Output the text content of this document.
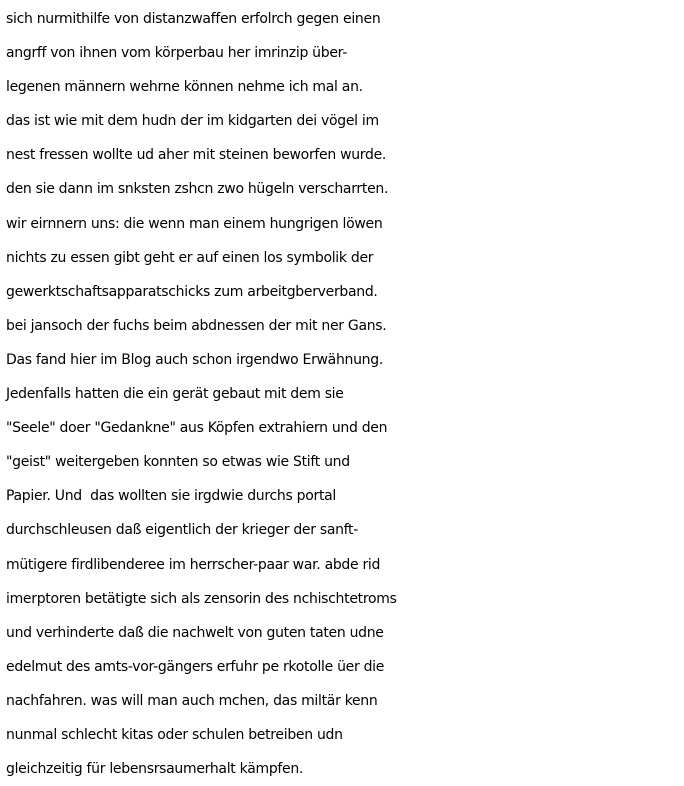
sich nurmithilfe von distanzwaffen erfolrch gegen einen
angrff von ihnen vom körperbau her imrinzip über-
legenen männern wehrne können nehme ich mal an.
das ist wie mit dem hudn der im kidgarten dei vögel im
nest fressen wollte ud aher mit steinen beworfen wurde.
den sie dann im snksten zshcn zwo hügeln verscharrten.
wir eirnnern uns: die wenn man einem hungrigen löwen
nichts zu essen gibt geht er auf einen los symbolik der
gewerktschaftsapparatschicks zum arbeitgberverband.
bei jansoch der fuchs beim abdnessen der mit ner Gans.
Das fand hier im Blog auch schon irgendwo Erwähnung.
Jedenfalls hatten die ein gerät gebaut mit dem sie
"Seele" doer "Gedankne" aus Köpfen extrahiern und den
"geist" weitergeben konnten so etwas wie Stift und
Papier. Und  das wollten sie irgdwie durchs portal
durchschleusen daß eigentlich der krieger der sanft-
mütigere firdlibenderee im herrscher-paar war. abde rid
imerptoren betätigte sich als zensorin des nchischtetroms
und verhinderte daß die nachwelt von guten taten udne
edelmut des amts-vor-gängers erfuhr pe rkotolle üer die
nachfahren. was will man auch mchen, das miltär kenn
nunmal schlecht kitas oder schulen betreiben udn
gleichzeitig für lebensrsaumerhalt kämpfen.
